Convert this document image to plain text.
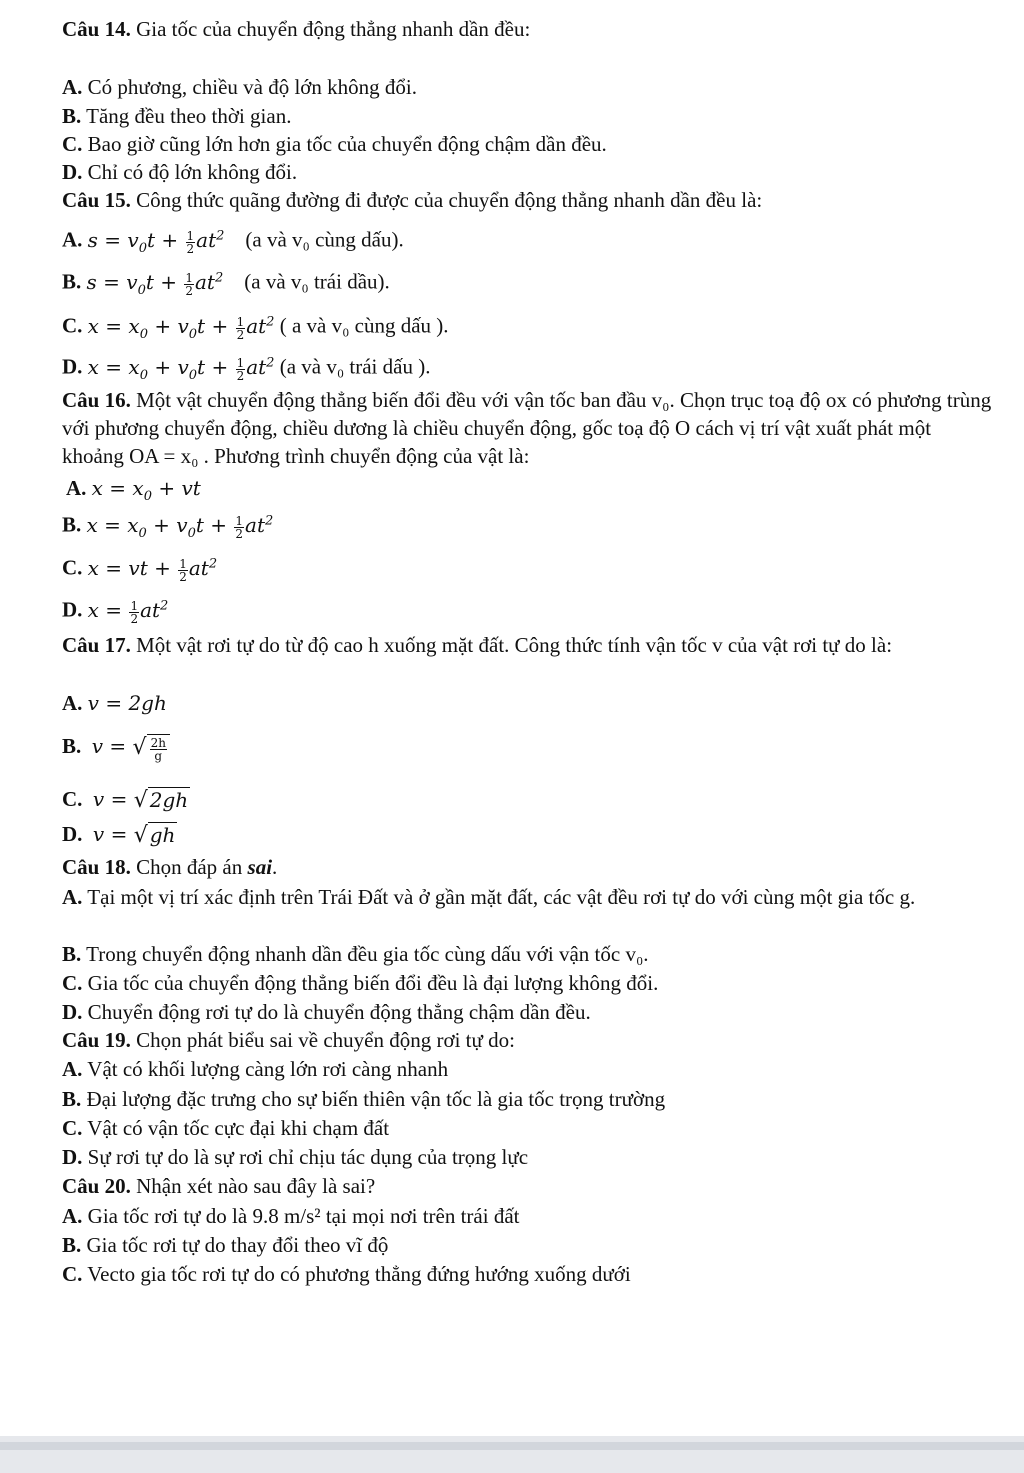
Câu 14. Gia tốc của chuyển động thẳng nhanh dần đều:
A. Có phương, chiều và độ lớn không đổi.
B. Tăng đều theo thời gian.
C. Bao giờ cũng lớn hơn gia tốc của chuyển động chậm dần đều.
D. Chỉ có độ lớn không đổi.
Câu 15. Công thức quãng đường đi được của chuyển động thẳng nhanh dần đều là:
A. $s = v_0t + \frac{1}{2} at^2$ (a và v₀ cùng dấu).
B. $s = v_0t + \frac{1}{2} at^2$ (a và v₀ trái dầu).
C. $x = x_0 + v_0t + \frac{1}{2} at^2$ ( a và v₀ cùng dấu ).
D. $x = x_0 + v_0t + \frac{1}{2} at^2$ (a và v₀ trái dấu ).
Câu 16. Một vật chuyển động thẳng biến đổi đều với vận tốc ban đầu v₀. Chọn trục toạ độ ox có phương trùng với phương chuyển động, chiều dương là chiều chuyển động, gốc toạ độ O cách vị trí vật xuất phát một khoảng OA = x₀ . Phương trình chuyển động của vật là:
A. $x = x_0$ + vt
B. $x = x_0 + v_0t + \frac{1}{2} at^2$
C. x = vt + $\frac{1}{2} at^2$
D. $x = \frac{1}{2} at^2$
Câu 17. Một vật rơi tự do từ độ cao h xuống mặt đất. Công thức tính vận tốc v của vật rơi tự do là:
A. v = 2gh
B. v = √ $\frac{2h}{g}$
C. v = √ 2gh
D. v = √ gh
Câu 18. Chọn đáp án sai.
A. Tại một vị trí xác định trên Trái Đất và ở gần mặt đất, các vật đều rơi tự do với cùng một gia tốc g.
B. Trong chuyển động nhanh dần đều gia tốc cùng dấu với vận tốc v₀.
C. Gia tốc của chuyển động thẳng biến đổi đều là đại lượng không đổi.
D. Chuyển động rơi tự do là chuyển động thẳng chậm dần đều.
Câu 19. Chọn phát biểu sai về chuyển động rơi tự do:
A. Vật có khối lượng càng lớn rơi càng nhanh
B. Đại lượng đặc trưng cho sự biến thiên vận tốc là gia tốc trọng trường
C. Vật có vận tốc cực đại khi chạm đất
D. Sự rơi tự do là sự rơi chỉ chịu tác dụng của trọng lực
Câu 20. Nhận xét nào sau đây là sai?
A. Gia tốc rơi tự do là 9.8 m/s² tại mọi nơi trên trái đất
B. Gia tốc rơi tự do thay đổi theo vĩ độ
C. Vecto gia tốc rơi tự do có phương thẳng đứng hướng xuống dưới
